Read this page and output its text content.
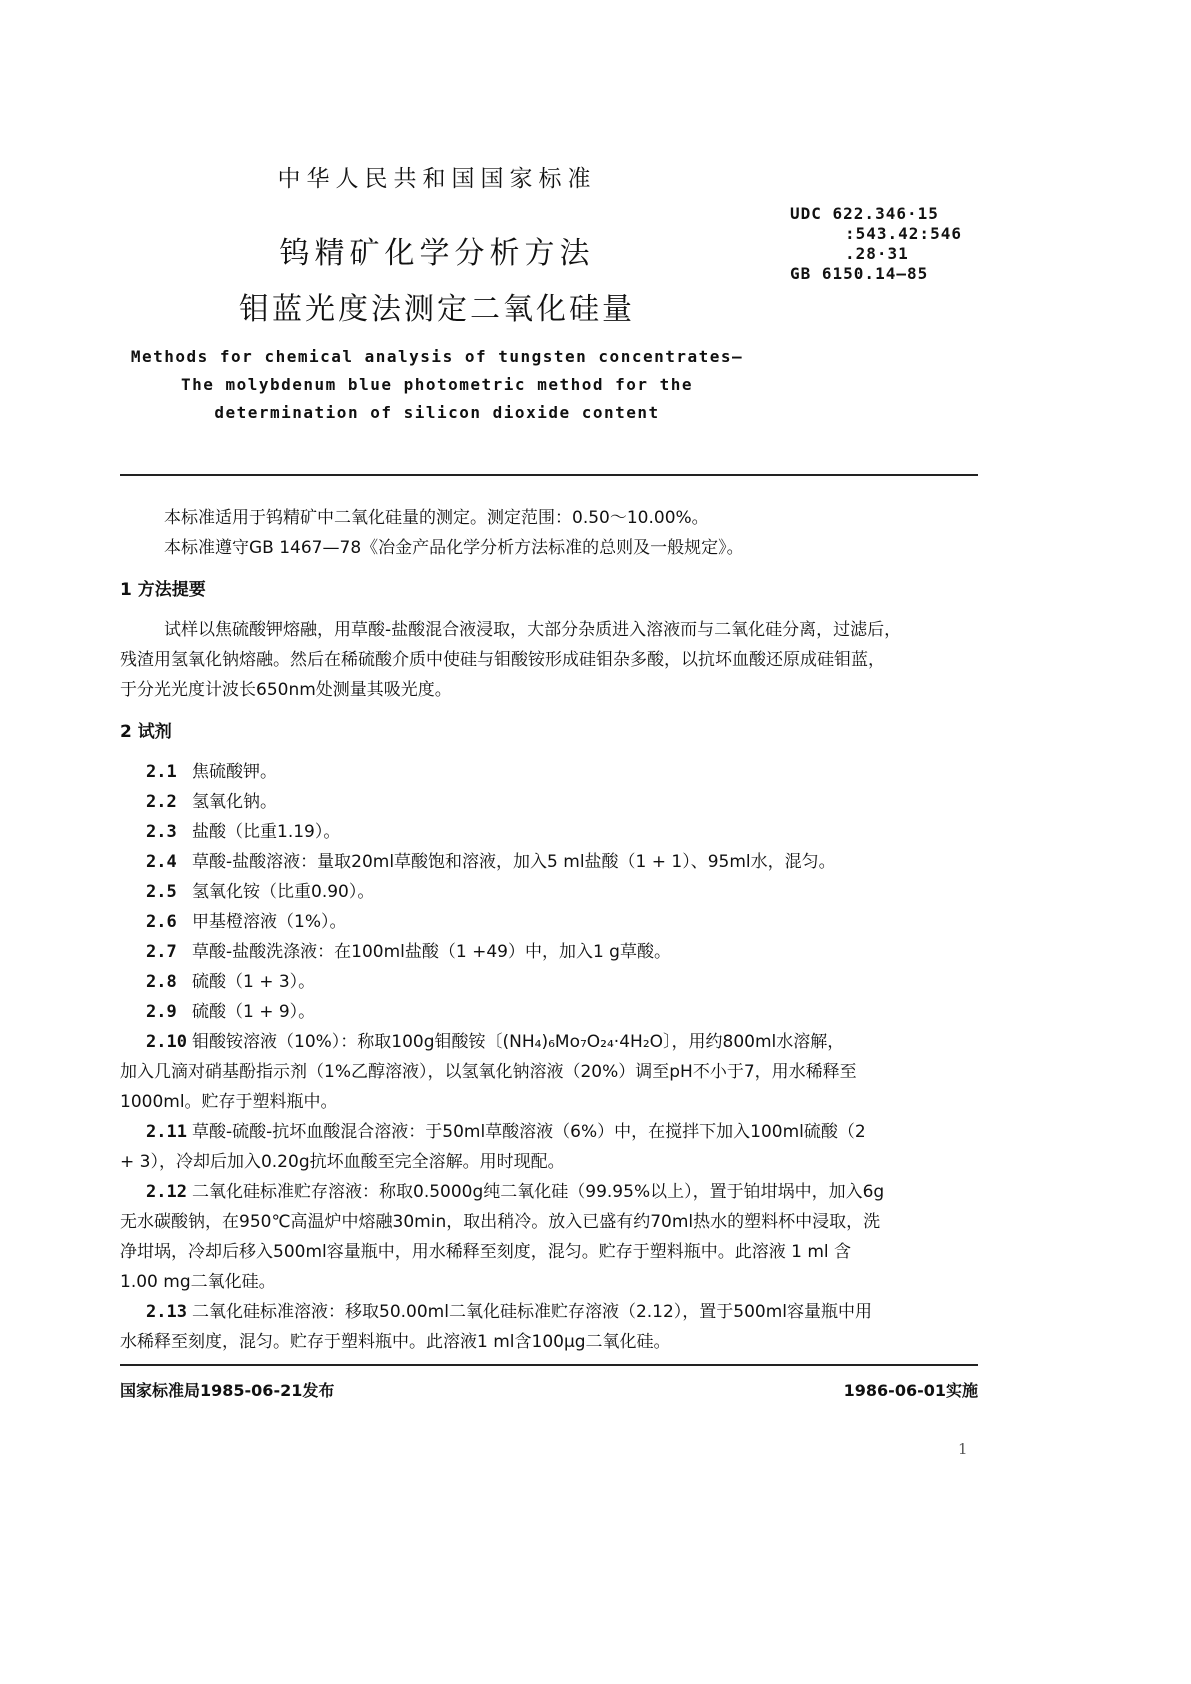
中华人民共和国国家标准
钨精矿化学分析方法
钼蓝光度法测定二氧化硅量
Methods for chemical analysis of tungsten concentrates—
The molybdenum blue photometric method for the
determination of silicon dioxide content
UDC 622.346·15
:543.42:546
.28·31
GB 6150.14—85
本标准适用于钨精矿中二氧化硅量的测定。测定范围：0.50～10.00%。
本标准遵守GB 1467—78《冶金产品化学分析方法标准的总则及一般规定》。
1 方法提要
试样以焦硫酸钾熔融，用草酸-盐酸混合液浸取，大部分杂质进入溶液而与二氧化硅分离，过滤后，
残渣用氢氧化钠熔融。然后在稀硫酸介质中使硅与钼酸铵形成硅钼杂多酸，以抗坏血酸还原成硅钼蓝，
于分光光度计波长650nm处测量其吸光度。
2 试剂
2.1 焦硫酸钾。
2.2 氢氧化钠。
2.3 盐酸（比重1.19）。
2.4 草酸-盐酸溶液：量取20ml草酸饱和溶液，加入5 ml盐酸（1 + 1）、95ml水，混匀。
2.5 氢氧化铵（比重0.90）。
2.6 甲基橙溶液（1%）。
2.7 草酸-盐酸洗涤液：在100ml盐酸（1 +49）中，加入1 g草酸。
2.8 硫酸（1 + 3）。
2.9 硫酸（1 + 9）。
2.10 钼酸铵溶液（10%）：称取100g钼酸铵〔(NH₄)₆Mo₇O₂₄·4H₂O〕，用约800ml水溶解，
加入几滴对硝基酚指示剂（1%乙醇溶液），以氢氧化钠溶液（20%）调至pH不小于7，用水稀释至
1000ml。贮存于塑料瓶中。
2.11 草酸-硫酸-抗坏血酸混合溶液：于50ml草酸溶液（6%）中，在搅拌下加入100ml硫酸（2
+ 3），冷却后加入0.20g抗坏血酸至完全溶解。用时现配。
2.12 二氧化硅标准贮存溶液：称取0.5000g纯二氧化硅（99.95%以上），置于铂坩埚中，加入6g
无水碳酸钠，在950℃高温炉中熔融30min，取出稍冷。放入已盛有约70ml热水的塑料杯中浸取，洗
净坩埚，冷却后移入500ml容量瓶中，用水稀释至刻度，混匀。贮存于塑料瓶中。此溶液 1 ml 含
1.00 mg二氧化硅。
2.13 二氧化硅标准溶液：移取50.00ml二氧化硅标准贮存溶液（2.12），置于500ml容量瓶中用
水稀释至刻度，混匀。贮存于塑料瓶中。此溶液1 ml含100μg二氧化硅。
国家标准局1985-06-21发布	1986-06-01实施
1
